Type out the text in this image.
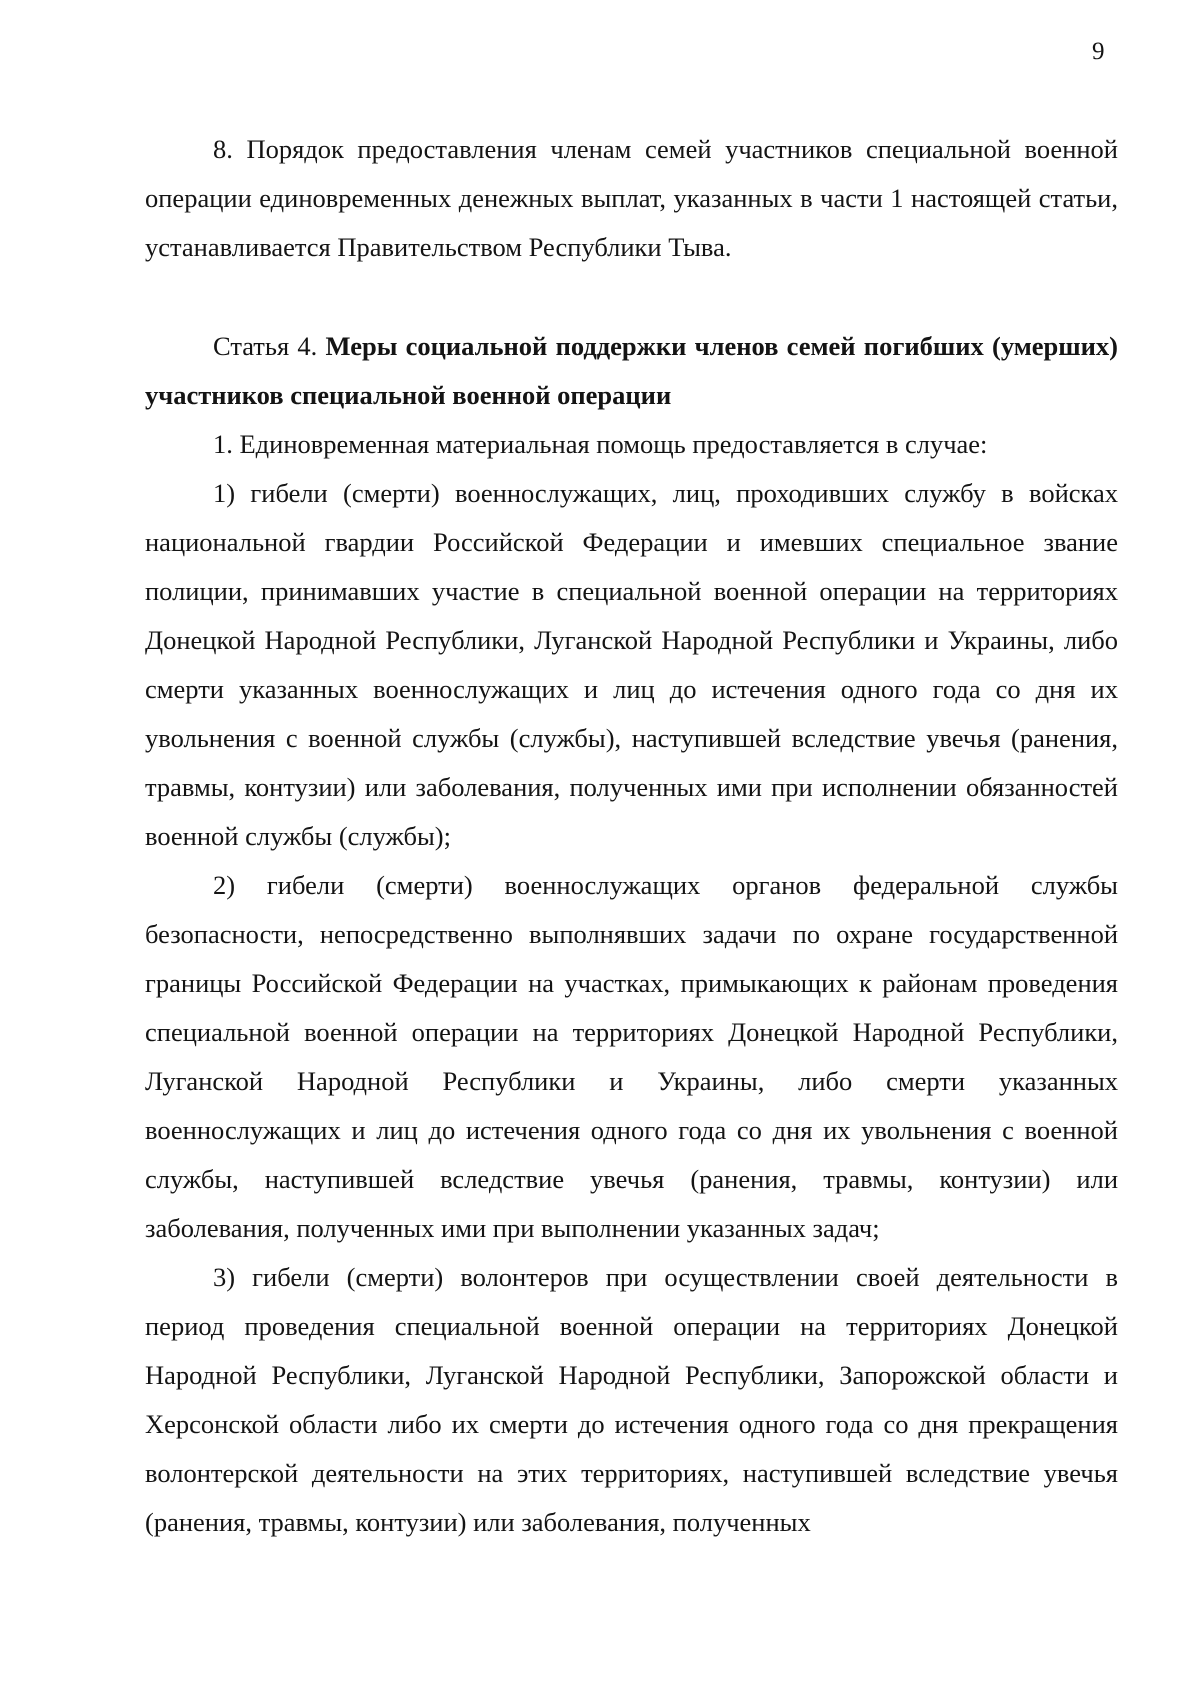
9

8. Порядок предоставления членам семей участников специальной военной операции единовременных денежных выплат, указанных в части 1 настоящей статьи, устанавливается Правительством Республики Тыва.

Статья 4. Меры социальной поддержки членов семей погибших (умерших) участников специальной военной операции

1. Единовременная материальная помощь предоставляется в случае:

1) гибели (смерти) военнослужащих, лиц, проходивших службу в войсках национальной гвардии Российской Федерации и имевших специальное звание полиции, принимавших участие в специальной военной операции на территориях Донецкой Народной Республики, Луганской Народной Республики и Украины, либо смерти указанных военнослужащих и лиц до истечения одного года со дня их увольнения с военной службы (службы), наступившей вследствие увечья (ранения, травмы, контузии) или заболевания, полученных ими при исполнении обязанностей военной службы (службы);

2) гибели (смерти) военнослужащих органов федеральной службы безопасности, непосредственно выполнявших задачи по охране государственной границы Российской Федерации на участках, примыкающих к районам проведения специальной военной операции на территориях Донецкой Народной Республики, Луганской Народной Республики и Украины, либо смерти указанных военнослужащих и лиц до истечения одного года со дня их увольнения с военной службы, наступившей вследствие увечья (ранения, травмы, контузии) или заболевания, полученных ими при выполнении указанных задач;

3) гибели (смерти) волонтеров при осуществлении своей деятельности в период проведения специальной военной операции на территориях Донецкой Народной Республики, Луганской Народной Республики, Запорожской области и Херсонской области либо их смерти до истечения одного года со дня прекращения волонтерской деятельности на этих территориях, наступившей вследствие увечья (ранения, травмы, контузии) или заболевания, полученных
